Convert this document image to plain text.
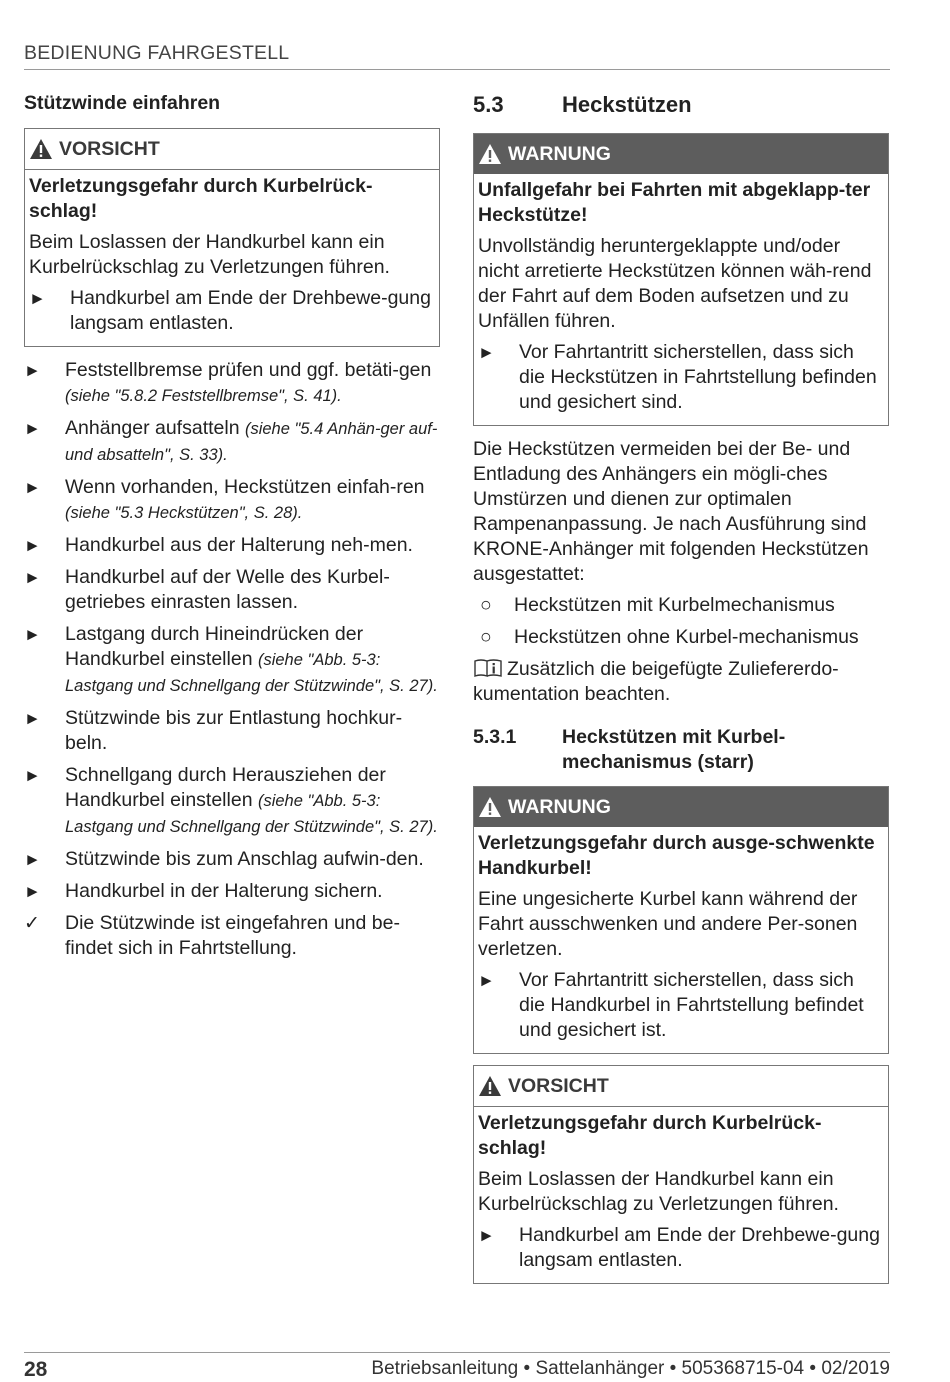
BEDIENUNG FAHRGESTELL
Stützwinde einfahren
VORSICHT
Verletzungsgefahr durch Kurbelrück-schlag!
Beim Loslassen der Handkurbel kann ein Kurbelrückschlag zu Verletzungen führen.
►	Handkurbel am Ende der Drehbewe-gung langsam entlasten.
►	Feststellbremse prüfen und ggf. betäti-gen (siehe "5.8.2 Feststellbremse", S. 41).
►	Anhänger aufsatteln (siehe "5.4 Anhän-ger auf- und absatteln", S. 33).
►	Wenn vorhanden, Heckstützen einfah-ren (siehe "5.3 Heckstützen", S. 28).
►	Handkurbel aus der Halterung neh-men.
►	Handkurbel auf der Welle des Kurbel-getriebes einrasten lassen.
►	Lastgang durch Hineindrücken der Handkurbel einstellen (siehe "Abb. 5-3: Lastgang und Schnellgang der Stützwinde", S. 27).
►	Stützwinde bis zur Entlastung hochkur-beln.
►	Schnellgang durch Herausziehen der Handkurbel einstellen (siehe "Abb. 5-3: Lastgang und Schnellgang der Stützwinde", S. 27).
►	Stützwinde bis zum Anschlag aufwin-den.
►	Handkurbel in der Halterung sichern.
✓	Die Stützwinde ist eingefahren und be-findet sich in Fahrtstellung.
5.3	Heckstützen
WARNUNG
Unfallgefahr bei Fahrten mit abgeklapp-ter Heckstütze!
Unvollständig heruntergeklappte und/oder nicht arretierte Heckstützen können wäh-rend der Fahrt auf dem Boden aufsetzen und zu Unfällen führen.
►	Vor Fahrtantritt sicherstellen, dass sich die Heckstützen in Fahrtstellung befinden und gesichert sind.
Die Heckstützen vermeiden bei der Be- und Entladung des Anhängers ein mögli-ches Umstürzen und dienen zur optimalen Rampenanpassung. Je nach Ausführung sind KRONE-Anhänger mit folgenden Heckstützen ausgestattet:
○	Heckstützen mit Kurbelmechanismus
○	Heckstützen ohne Kurbel-mechanismus
Zusätzlich die beigefügte Zuliefererdo-kumentation beachten.
5.3.1	Heckstützen mit Kurbel-mechanismus (starr)
WARNUNG
Verletzungsgefahr durch ausge-schwenkte Handkurbel!
Eine ungesicherte Kurbel kann während der Fahrt ausschwenken und andere Per-sonen verletzen.
►	Vor Fahrtantritt sicherstellen, dass sich die Handkurbel in Fahrtstellung befindet und gesichert ist.
VORSICHT
Verletzungsgefahr durch Kurbelrück-schlag!
Beim Loslassen der Handkurbel kann ein Kurbelrückschlag zu Verletzungen führen.
►	Handkurbel am Ende der Drehbewe-gung langsam entlasten.
28	Betriebsanleitung • Sattelanhänger • 505368715-04 • 02/2019
